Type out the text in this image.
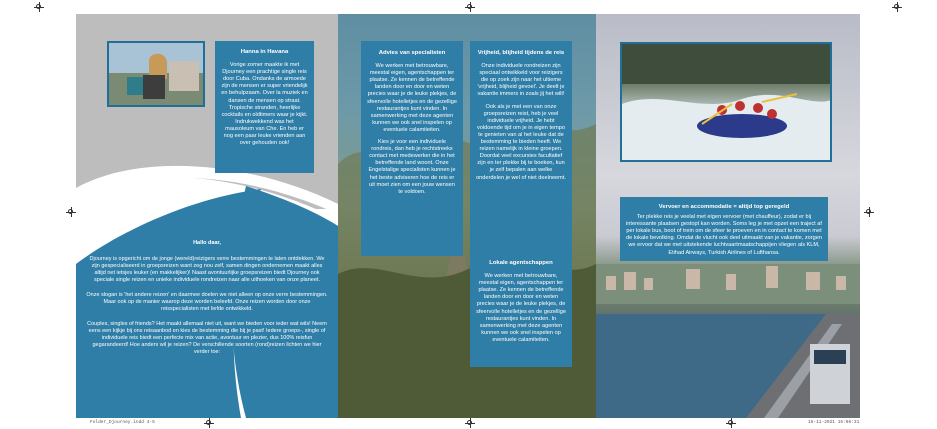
Hanna in Havana

Vorige zomer maakte ik met Djourney een prachtige single reis door Cuba. Ondanks de armoede zijn de mensen er super vriendelijk en behulpzaam. Over la muziek en dansen de mensen op straat. Tropische stranden, heerlijke cocktails en oldtimers waar je kijkt. Indrukwekkend was het mausoleum van Che. En heb er nog een paar leuke vrienden aan over gehouden ook!

Hallo daar,

Djourney is opgericht om de jonge (wereld)reizigers verre bestemmingen te laten ontdekken. We zijn gespecialiseerd in groepsreizen want zeg nou zelf, samen dingen ondernemen maakt alles altijd net ietsjes leuker (en makkelijker)! Naast avontuurlijke groepsreizen biedt Djourney ook speciale single reizen en unieke individuele rondreizen naar alle uithoeken van onze planeet.

Onze slogan is 'het andere reizen' en daarmee doelen we niet alleen op onze verre bestemmingen. Maar ook op de manier waarop deze worden beleefd. Onze reizen worden door onze reisspecialisten met liefde ontwikkeld.

Couples, singles of friends? Het maakt allemaal niet uit, want we bieden voor ieder wat wils! Neem eens een kijkje bij ons reisaanbod en kies de bestemming die bij je past! Iedere groeps-, single of individuele reis biedt een perfecte mix van actie, avontuur en plezier, dus 100% reisfun gegarandeerd! Hoe anders wil je reizen? De verschillende soorten (rond)reizen lichten we hier verder toe:

Advies van specialisten

We werken met betrouwbare, meestal eigen, agentschappen ter plaatse. Ze kennen de betreffende landen door en door en weten precies waar je de leuke plekjes, de sfeervolle hotelletjes en de gezellige restaurantjes kunt vinden. In samenwerking met deze agenten kunnen we ook snel inspelen op eventuele calamiteiten.

Kies je voor een individuele rondreis, dan heb je rechtstreeks contact met medewerker die in het betreffende land woont. Onze Engelstalige specialisten kunnen je het beste adviseren hoe de reis er uit moet zien om een jouw wensen te voldoen.

Vrijheid, blijheid tijdens de reis

Onze individuele rondreizen zijn speciaal ontwikkeld voor reizigers die op zoek zijn naar het ultieme 'vrijheid, blijheid gevoel'. Je deelt je vakantie immers in zoals jij het wilt!

Ook als je met een van onze groepsreizen reist, heb je veel individuele vrijheid. Je hebt voldoende tijd om je in eigen tempo te genieten van al het leuke dat de bestemming te bieden heeft. We reizen namelijk in kleine groepen. Doordat veel excursies facultatief zijn en ter plekke bij te boeken, kun je zelf bepalen aan welke onderdelen je wel of niet deelneemt.

Lokale agentschappen

We werken met betrouwbare, meestal eigen, agentschappen ter plaatse. Ze kennen de betreffende landen door en door en weten precies waar je de leuke plekjes, de sfeervolle hotelletjes en de gezellige restaurantjes kunt vinden. In samenwerking met deze agenten kunnen we ook snel inspelen op eventuele calamiteiten.

Vervoer en accommodatie = altijd top geregeld

Ter plekke reis je veelal met eigen vervoer (met chauffeur), zodat er bij interessante plaatsen gestopt kan worden. Soms leg je met opzet een traject af per lokale bus, boot of trein om de sfeer te proeven en in contact te komen met de lokale bevolking. Omdat de vlucht ook deel uitmaakt van je vakantie, zorgen we ervoor dat we met uitstekende luchtvaartmaatschappijen vliegen als KLM, Etihad Airways, Turkish Airlines of Lufthansa.

Folder_Djourney.indd 4-5	15-11-2021 15:06:31
